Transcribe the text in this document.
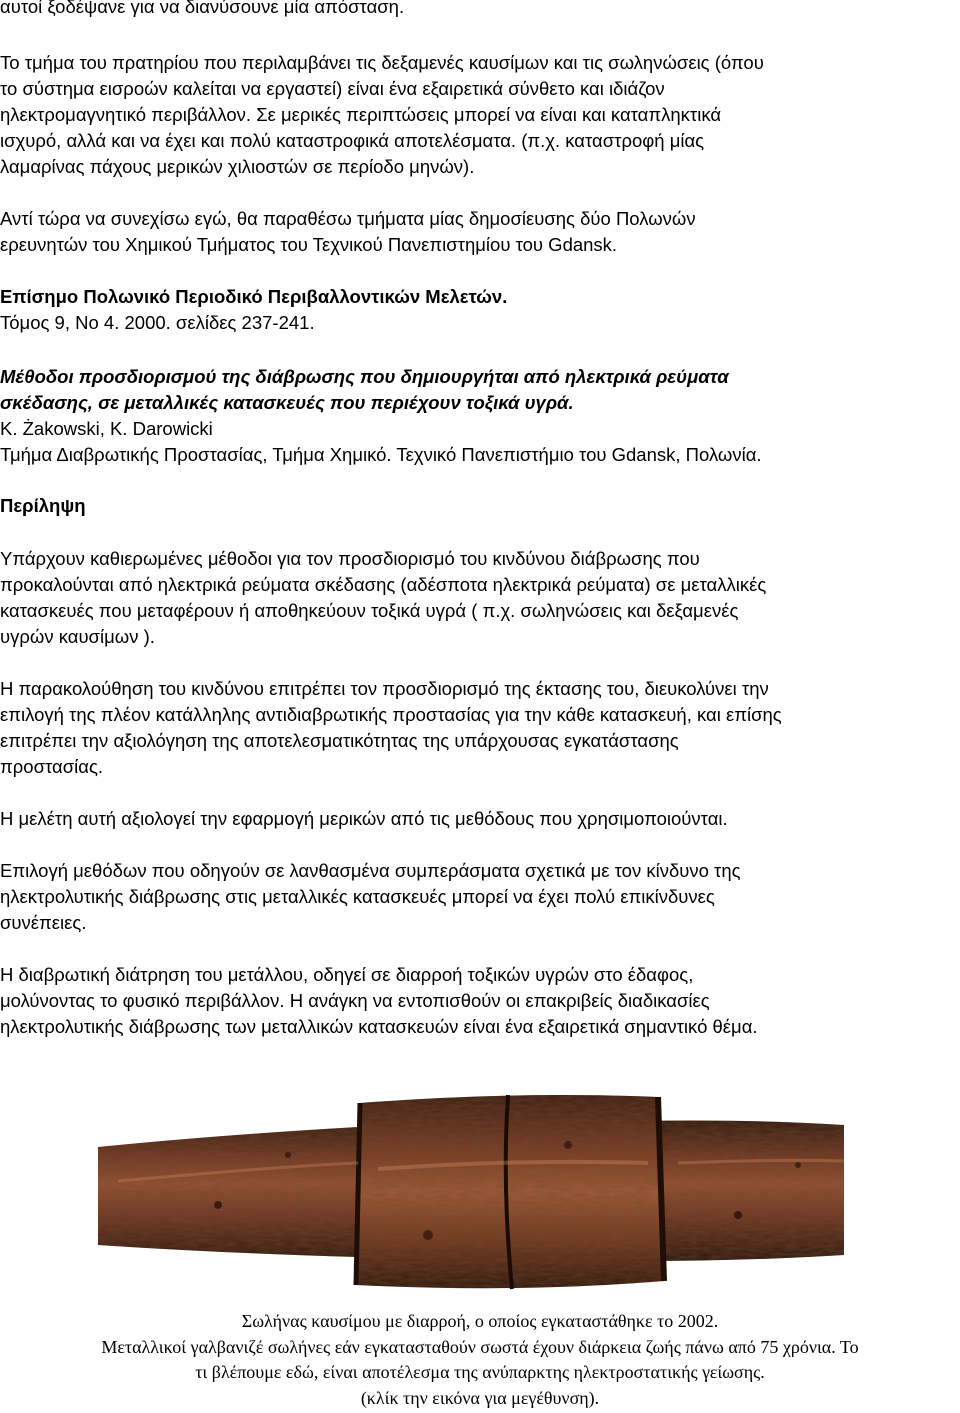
αυτοί ξοδέψανε για να διανύσουνε μία απόσταση.

Το τμήμα του πρατηρίου που περιλαμβάνει τις δεξαμενές καυσίμων και τις σωληνώσεις (όπου
το σύστημα εισροών καλείται να εργαστεί) είναι ένα εξαιρετικά σύνθετο και ιδιάζον
ηλεκτρομαγνητικό περιβάλλον. Σε μερικές περιπτώσεις μπορεί να είναι και καταπληκτικά
ισχυρό, αλλά και να έχει και πολύ καταστροφικά αποτελέσματα. (π.χ. καταστροφή μίας
λαμαρίνας πάχους μερικών χιλιοστών σε περίοδο μηνών).

Αντί τώρα να συνεχίσω εγώ, θα παραθέσω τμήματα μίας δημοσίευσης δύο Πολωνών
ερευνητών του Χημικού Τμήματος του Τεχνικού Πανεπιστημίου του Gdansk.

Επίσημο Πολωνικό Περιοδικό Περιβαλλοντικών Μελετών.

Τόμος 9, Νο 4. 2000. σελίδες 237-241.

Μέθοδοι προσδιορισμού της διάβρωσης που δημιουργήται από ηλεκτρικά ρεύματα
σκέδασης, σε μεταλλικές κατασκευές που περιέχουν τοξικά υγρά.

K. Żakowski, K. Darowicki

Τμήμα Διαβρωτικής Προστασίας, Τμήμα Χημικό. Τεχνικό Πανεπιστήμιο του Gdansk, Πολωνία.

Περίληψη

Υπάρχουν καθιερωμένες μέθοδοι για τον προσδιορισμό του κινδύνου διάβρωσης που
προκαλούνται από ηλεκτρικά ρεύματα σκέδασης (αδέσποτα ηλεκτρικά ρεύματα) σε μεταλλικές
κατασκευές που μεταφέρουν ή αποθηκεύουν τοξικά υγρά ( π.χ. σωληνώσεις και δεξαμενές
υγρών καυσίμων ).

Η παρακολούθηση του κινδύνου επιτρέπει τον προσδιορισμό της έκτασης του, διευκολύνει την
επιλογή της πλέον κατάλληλης αντιδιαβρωτικής προστασίας για την κάθε κατασκευή, και επίσης
επιτρέπει την αξιολόγηση της αποτελεσματικότητας της υπάρχουσας εγκατάστασης
προστασίας.

Η μελέτη αυτή αξιολογεί την εφαρμογή μερικών από τις μεθόδους που χρησιμοποιούνται.

Επιλογή μεθόδων που οδηγούν σε λανθασμένα συμπεράσματα σχετικά με τον κίνδυνο της
ηλεκτρολυτικής διάβρωσης στις μεταλλικές κατασκευές μπορεί να έχει πολύ επικίνδυνες
συνέπειες.

Η διαβρωτική διάτρηση του μετάλλου, οδηγεί σε διαρροή τοξικών υγρών στο έδαφος,
μολύνοντας το φυσικό περιβάλλον. Η ανάγκη να εντοπισθούν οι επακριβείς διαδικασίες
ηλεκτρολυτικής διάβρωσης των μεταλλικών κατασκευών είναι ένα εξαιρετικά σημαντικό θέμα.

Σωλήνας καυσίμου με διαρροή, ο οποίος εγκαταστάθηκε το 2002.
Μεταλλικοί γαλβανιζέ σωλήνες εάν εγκατασταθούν σωστά έχουν διάρκεια ζωής πάνω από 75 χρόνια. Το
τι βλέπουμε εδώ, είναι αποτέλεσμα της ανύπαρκτης ηλεκτροστατικής γείωσης.
(κλίκ την εικόνα για μεγέθυνση).
